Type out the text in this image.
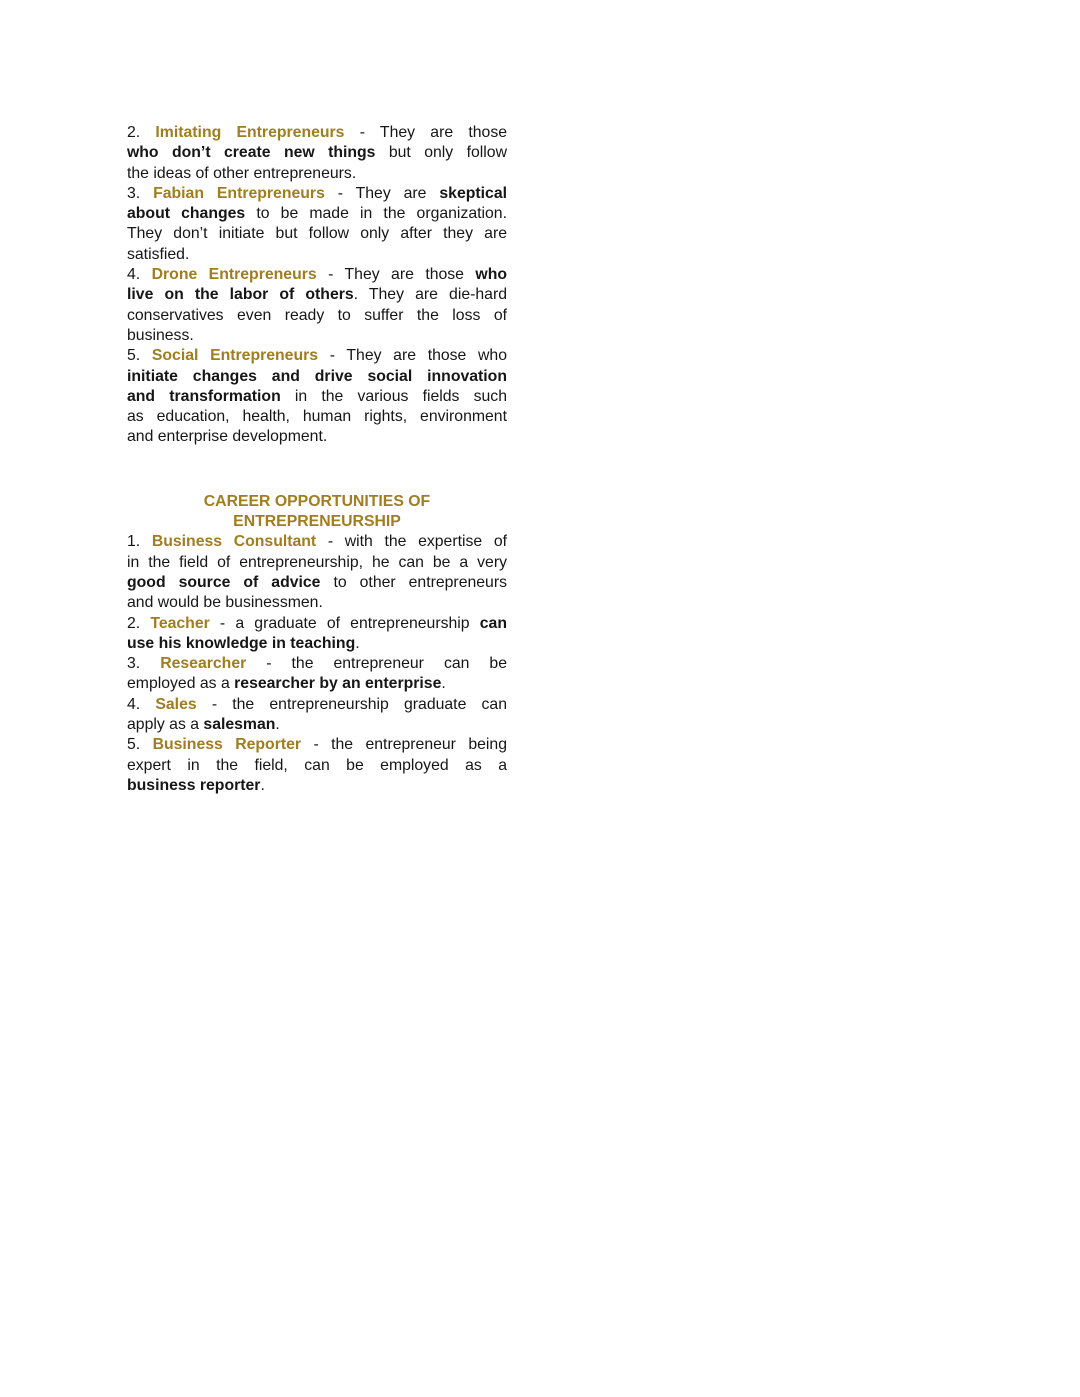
2. Imitating Entrepreneurs - They are those
who don’t create new things but only follow
the ideas of other entrepreneurs.
3. Fabian Entrepreneurs - They are skeptical
about changes to be made in the organization.
They don’t initiate but follow only after they are
satisfied.
4. Drone Entrepreneurs - They are those who
live on the labor of others. They are die-hard
conservatives even ready to suffer the loss of
business.
5. Social Entrepreneurs - They are those who
initiate changes and drive social innovation
and transformation in the various fields such
as education, health, human rights, environment
and enterprise development.
CAREER OPPORTUNITIES OF
ENTREPRENEURSHIP
1. Business Consultant - with the expertise of
in the field of entrepreneurship, he can be a very
good source of advice to other entrepreneurs
and would be businessmen.
2. Teacher - a graduate of entrepreneurship can
use his knowledge in teaching.
3. Researcher - the entrepreneur can be
employed as a researcher by an enterprise.
4. Sales - the entrepreneurship graduate can
apply as a salesman.
5. Business Reporter - the entrepreneur being
expert in the field, can be employed as a
business reporter.
